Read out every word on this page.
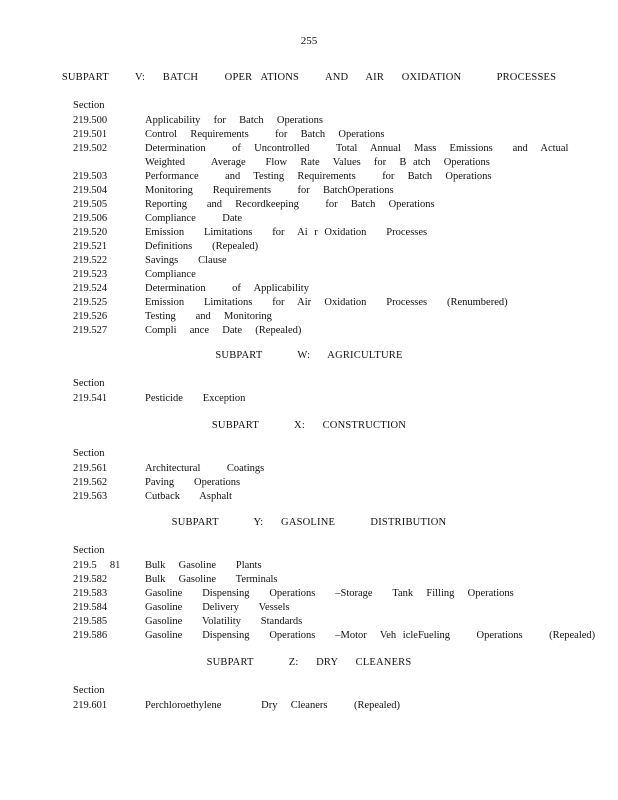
255
SUBPART   V:  BATCH   OPER ATIONS   AND  AIR  OXIDATION    PROCESSES
Section
219.500	Applicability  for  Batch  Operations
219.501	Control  Requirements    for  Batch  Operations
219.502	Determination    of  Uncontrolled    Total  Annual  Mass  Emissions   and  Actual
Weighted    Average   Flow  Rate  Values  for  B atch  Operations
219.503	Performance    and  Testing  Requirements    for  Batch  Operations
219.504	Monitoring   Requirements    for  BatchOperations
219.505	Reporting   and  Recordkeeping    for  Batch  Operations
219.506	Compliance    Date
219.520	Emission   Limitations   for  Ai r Oxidation   Processes
219.521	Definitions   (Repealed)
219.522	Savings   Clause
219.523	Compliance
219.524	Determination    of  Applicability
219.525	Emission   Limitations   for  Air  Oxidation   Processes   (Renumbered)
219.526	Testing   and  Monitoring
219.527	Compli  ance  Date  (Repealed)
SUBPART    W:  AGRICULTURE
Section
219.541	Pesticide   Exception
SUBPART    X:  CONSTRUCTION
Section
219.561	Architectural    Coatings
219.562	Paving   Operations
219.563	Cutback   Asphalt
SUBPART    Y:  GASOLINE    DISTRIBUTION
Section
219.5  81	Bulk  Gasoline   Plants
219.582	Bulk  Gasoline   Terminals
219.583	Gasoline   Dispensing   Operations   –Storage   Tank  Filling  Operations
219.584	Gasoline   Delivery   Vessels
219.585	Gasoline   Volatility   Standards
219.586	Gasoline   Dispensing   Operations   –Motor  Veh icleFueling    Operations    (Repealed)
SUBPART    Z:  DRY  CLEANERS
Section
219.601	Perchloroethylene      Dry  Cleaners    (Repealed)
